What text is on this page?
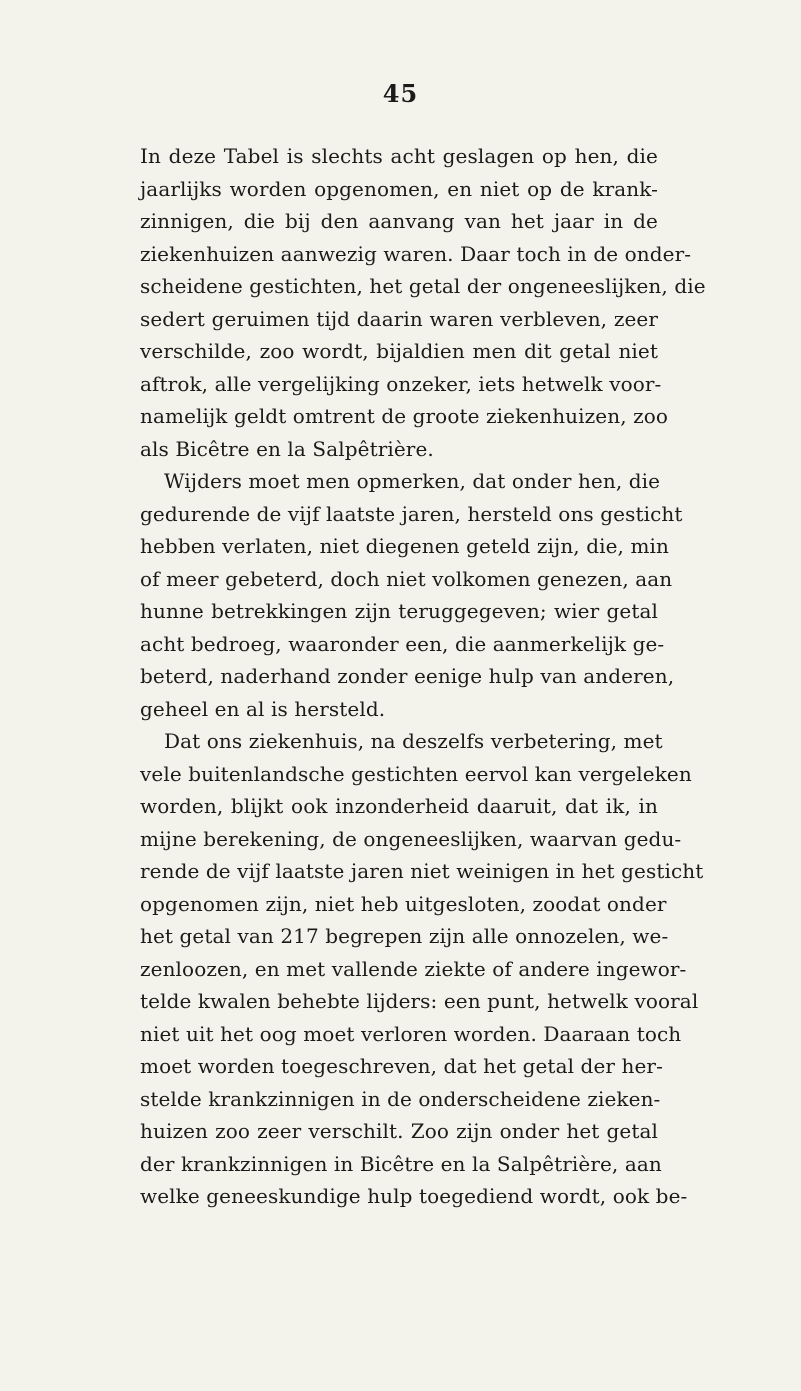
45
In deze Tabel is slechts acht geslagen op hen, die
jaarlijks worden opgenomen, en niet op de krank-
zinnigen, die bij den aanvang van het jaar in de
ziekenhuizen aanwezig waren. Daar toch in de onder-
scheidene gestichten, het getal der ongeneeslijken, die
sedert geruimen tijd daarin waren verbleven, zeer
verschilde, zoo wordt, bijaldien men dit getal niet
aftrok, alle vergelijking onzeker, iets hetwelk voor-
namelijk geldt omtrent de groote ziekenhuizen, zoo
als Bicêtre en la Salpêtrière.
Wijders moet men opmerken, dat onder hen, die
gedurende de vijf laatste jaren, hersteld ons gesticht
hebben verlaten, niet diegenen geteld zijn, die, min
of meer gebeterd, doch niet volkomen genezen, aan
hunne betrekkingen zijn teruggegeven; wier getal
acht bedroeg, waaronder een, die aanmerkelijk ge-
beterd, naderhand zonder eenige hulp van anderen,
geheel en al is hersteld.
Dat ons ziekenhuis, na deszelfs verbetering, met
vele buitenlandsche gestichten eervol kan vergeleken
worden, blijkt ook inzonderheid daaruit, dat ik, in
mijne berekening, de ongeneeslijken, waarvan gedu-
rende de vijf laatste jaren niet weinigen in het gesticht
opgenomen zijn, niet heb uitgesloten, zoodat onder
het getal van 217 begrepen zijn alle onnozelen, we-
zenloozen, en met vallende ziekte of andere ingewor-
telde kwalen behebte lijders: een punt, hetwelk vooral
niet uit het oog moet verloren worden. Daaraan toch
moet worden toegeschreven, dat het getal der her-
stelde krankzinnigen in de onderscheidene zieken-
huizen zoo zeer verschilt. Zoo zijn onder het getal
der krankzinnigen in Bicêtre en la Salpêtrière, aan
welke geneeskundige hulp toegediend wordt, ook be-
